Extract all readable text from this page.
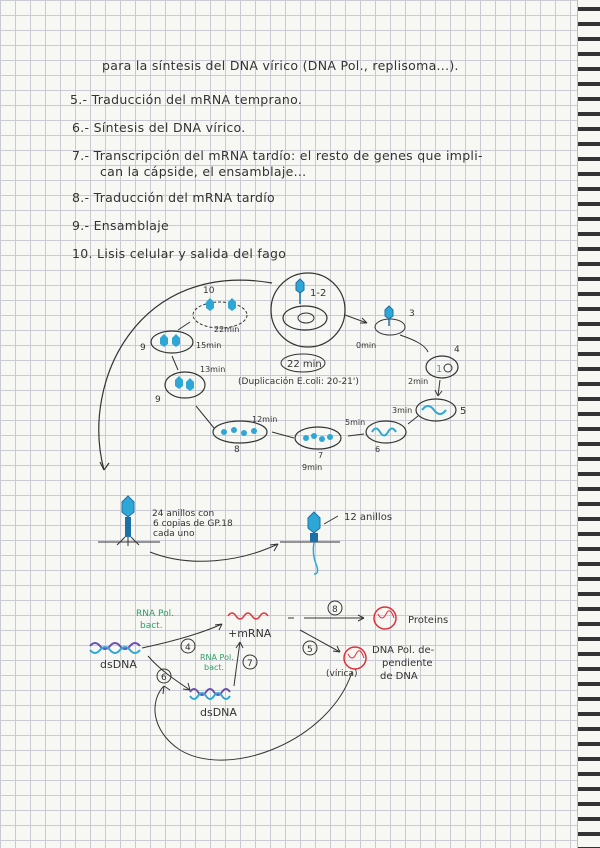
para la síntesis del DNA vírico (DNA Pol., replisoma...).
5.- Traducción del mRNA temprano.
6.- Síntesis del DNA vírico.
7.- Transcripción del mRNA tardío: el resto de genes que impli-
can la cápside, el ensamblaje...
8.- Traducción del mRNA tardío
9.- Ensamblaje
10. Lisis celular y salida del fago
1-2
3
0min
1
4
2min
5
3min
6
5min
7
9min
8
12min
9
13min
9	15min
10
22min
22 min
(Duplicación E.coli: 20-21')
24 anillos con
6 copias de GP.18
cada uno
12 anillos
dsDNA
RNA Pol.
bact.
4
+mRNA
8
Proteins
5	DNA Pol. de-
pendiente
de DNA
(vírica)
6
dsDNA
7
RNA Pol.
bact.
